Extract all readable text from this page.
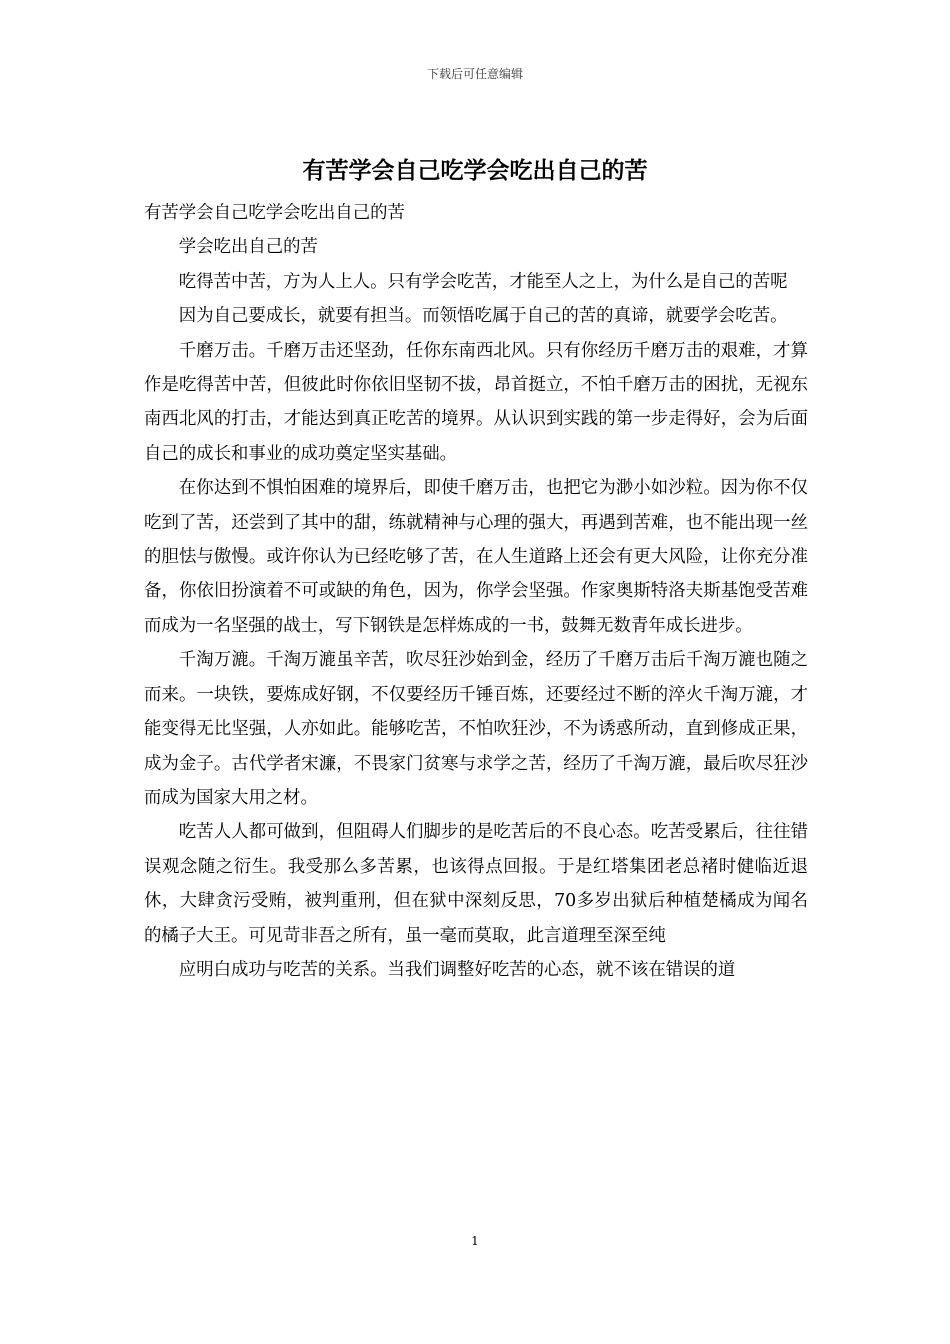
下载后可任意编辑
有苦学会自己吃学会吃出自己的苦

有苦学会自己吃学会吃出自己的苦

学会吃出自己的苦

吃得苦中苦，方为人上人。只有学会吃苦，才能至人之上，为什么是自己的苦呢

因为自己要成长，就要有担当。而领悟吃属于自己的苦的真谛，就要学会吃苦。

千磨万击。千磨万击还坚劲，任你东南西北风。只有你经历千磨万击的艰难，才算作是吃得苦中苦，但彼此时你依旧坚韧不拔，昂首挺立，不怕千磨万击的困扰，无视东南西北风的打击，才能达到真正吃苦的境界。从认识到实践的第一步走得好，会为后面自己的成长和事业的成功奠定坚实基础。

在你达到不惧怕困难的境界后，即使千磨万击，也把它为渺小如沙粒。因为你不仅吃到了苦，还尝到了其中的甜，练就精神与心理的强大，再遇到苦难，也不能出现一丝的胆怯与傲慢。或许你认为已经吃够了苦，在人生道路上还会有更大风险，让你充分准备，你依旧扮演着不可或缺的角色，因为，你学会坚强。作家奥斯特洛夫斯基饱受苦难而成为一名坚强的战士，写下钢铁是怎样炼成的一书，鼓舞无数青年成长进步。

千淘万漉。千淘万漉虽辛苦，吹尽狂沙始到金，经历了千磨万击后千淘万漉也随之而来。一块铁，要炼成好钢，不仅要经历千锤百炼，还要经过不断的淬火千淘万漉，才能变得无比坚强，人亦如此。能够吃苦，不怕吹狂沙，不为诱惑所动，直到修成正果，成为金子。古代学者宋濂，不畏家门贫寒与求学之苦，经历了千淘万漉，最后吹尽狂沙而成为国家大用之材。

吃苦人人都可做到，但阻碍人们脚步的是吃苦后的不良心态。吃苦受累后，往往错误观念随之衍生。我受那么多苦累，也该得点回报。于是红塔集团老总褚时健临近退休，大肆贪污受贿，被判重刑，但在狱中深刻反思，70多岁出狱后种植楚橘成为闻名的橘子大王。可见苛非吾之所有，虽一毫而莫取，此言道理至深至纯

应明白成功与吃苦的关系。当我们调整好吃苦的心态，就不该在错误的道

1
